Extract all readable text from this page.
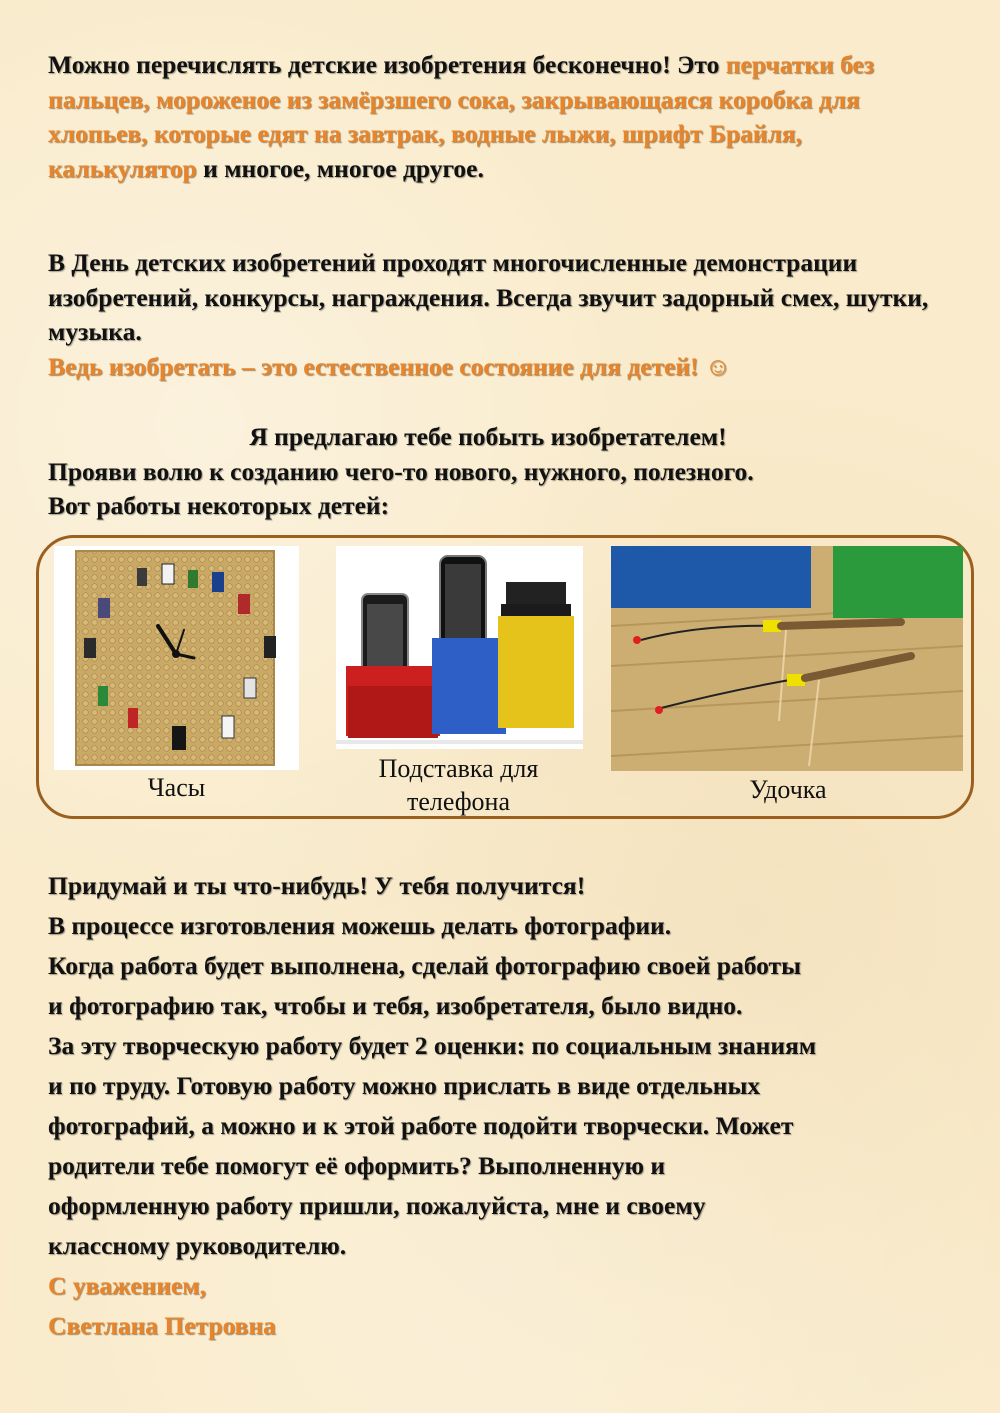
Можно перечислять детские изобретения бесконечно! Это перчатки без пальцев, мороженое из замёрзшего сока, закрывающаяся коробка для хлопьев, которые едят на завтрак, водные лыжи, шрифт Брайля, калькулятор и многое, многое другое.

В День детских изобретений проходят многочисленные демонстрации изобретений, конкурсы, награждения. Всегда звучит задорный смех, шутки, музыка.
Ведь изобретать – это естественное состояние для детей! ☺

Я предлагаю тебе побыть изобретателем!
Прояви волю к созданию чего-то нового, нужного, полезного.
Вот работы некоторых детей:

Часы
Подставка для телефона	Удочка
Придумай и ты что-нибудь! У тебя получится!
В процессе изготовления можешь делать фотографии.
Когда работа будет выполнена, сделай фотографию своей работы
и фотографию так, чтобы и тебя, изобретателя, было видно.
За эту творческую работу будет 2 оценки: по социальным знаниям
и по труду. Готовую работу можно прислать в виде отдельных
фотографий, а можно и к этой работе подойти творчески. Может
родители тебе помогут её оформить? Выполненную и
оформленную работу пришли, пожалуйста, мне и своему
классному руководителю.
С уважением,
Светлана Петровна
